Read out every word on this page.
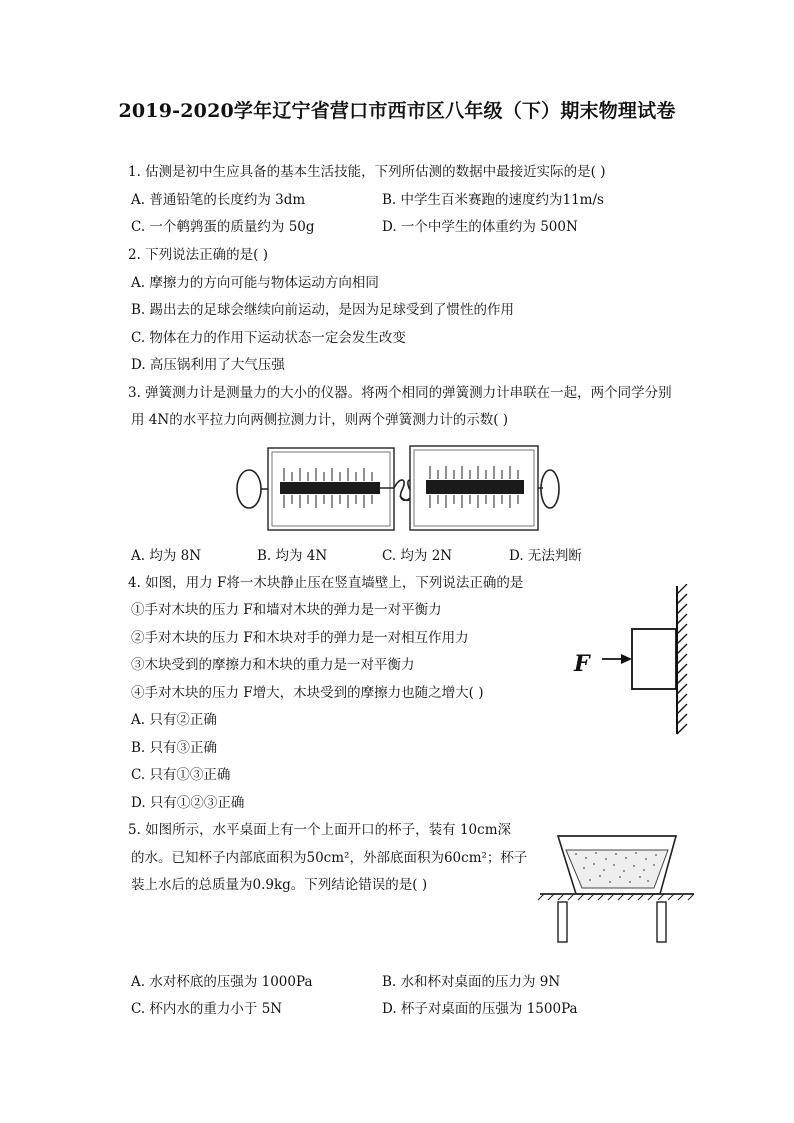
2019-2020学年辽宁省营口市西市区八年级（下）期末物理试卷
1. 估测是初中生应具备的基本生活技能，下列所估测的数据中最接近实际的是( )
A. 普通铅笔的长度约为 3dm	B. 中学生百米赛跑的速度约为11m/s
C. 一个鹌鹑蛋的质量约为 50g	D. 一个中学生的体重约为 500N
2. 下列说法正确的是( )
A. 摩擦力的方向可能与物体运动方向相同
B. 踢出去的足球会继续向前运动，是因为足球受到了惯性的作用
C. 物体在力的作用下运动状态一定会发生改变
D. 高压锅利用了大气压强
3. 弹簧测力计是测量力的大小的仪器。将两个相同的弹簧测力计串联在一起，两个同学分别
用 4N的水平拉力向两侧拉测力计，则两个弹簧测力计的示数( )
A. 均为 8N	B. 均为 4N	C. 均为 2N	D. 无法判断
4. 如图，用力 F将一木块静止压在竖直墙壁上，下列说法正确的是
①手对木块的压力 F和墙对木块的弹力是一对平衡力
②手对木块的压力 F和木块对手的弹力是一对相互作用力
③木块受到的摩擦力和木块的重力是一对平衡力
④手对木块的压力 F增大，木块受到的摩擦力也随之增大( )
A. 只有②正确
B. 只有③正确
C. 只有①③正确
D. 只有①②③正确
F
5. 如图所示，水平桌面上有一个上面开口的杯子，装有 10cm深
的水。已知杯子内部底面积为50cm²，外部底面积为60cm²；杯子
装上水后的总质量为0.9kg。下列结论错误的是( )
A. 水对杯底的压强为 1000Pa	B. 水和杯对桌面的压力为 9N
C. 杯内水的重力小于 5N	D. 杯子对桌面的压强为 1500Pa
